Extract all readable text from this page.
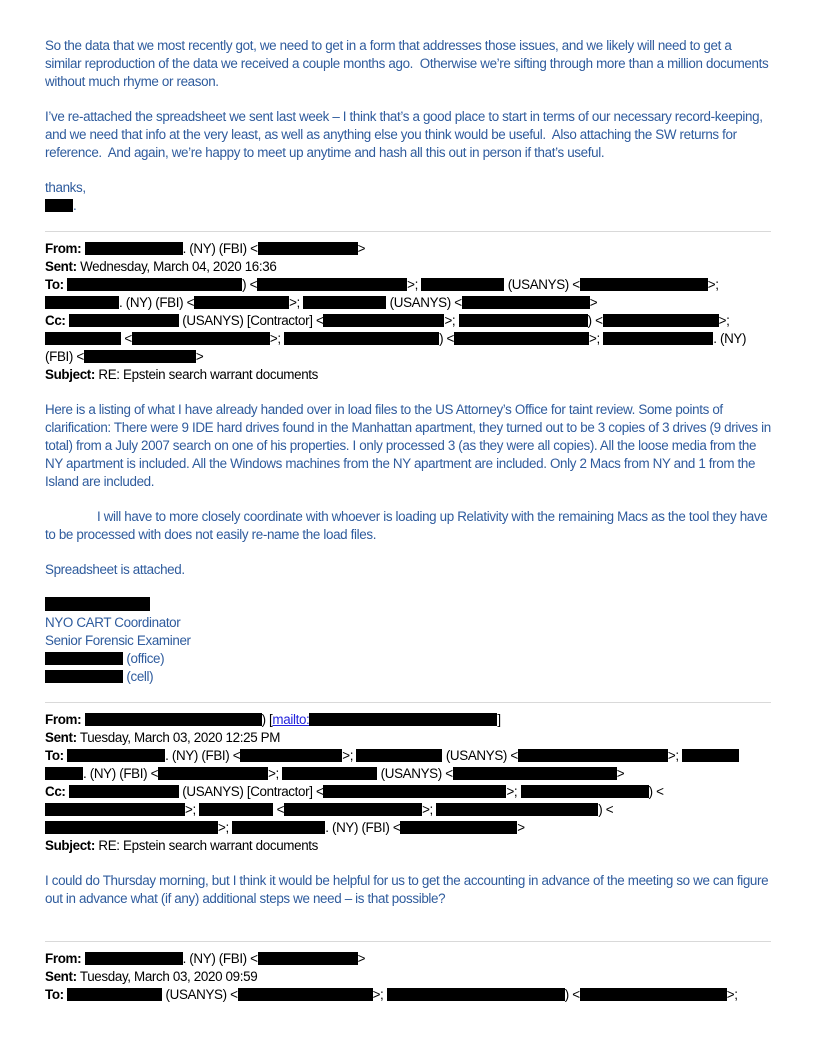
So the data that we most recently got, we need to get in a form that addresses those issues, and we likely will need to get a similar reproduction of the data we received a couple months ago.  Otherwise we’re sifting through more than a million documents without much rhyme or reason.

I’ve re-attached the spreadsheet we sent last week – I think that’s a good place to start in terms of our necessary record-keeping, and we need that info at the very least, as well as anything else you think would be useful.  Also attaching the SW returns for reference.  And again, we’re happy to meet up anytime and hash all this out in person if that’s useful.

thanks,

.

From:	. (NY) (FBI) <	>

Sent: Wednesday, March 04, 2020 16:36

To:	) <	>;	(USANYS) <	>; . (NY) (FBI) <	>;	(USANYS) <	>

Cc:	(USANYS) [Contractor] <	>;	) <	>;  <	>;	) <	>;	. (NY) (FBI) <	>

Subject: RE: Epstein search warrant documents

Here is a listing of what I have already handed over in load files to the US Attorney’s Office for taint review. Some points of clarification: There were 9 IDE hard drives found in the Manhattan apartment, they turned out to be 3 copies of 3 drives (9 drives in total) from a July 2007 search on one of his properties. I only processed 3 (as they were all copies). All the loose media from the NY apartment is included. All the Windows machines from the NY apartment are included. Only 2 Macs from NY and 1 from the Island are included.

I will have to more closely coordinate with whoever is loading up Relativity with the remaining Macs as the tool they have to be processed with does not easily re-name the load files.

Spreadsheet is attached.

NYO CART Coordinator

Senior Forensic Examiner

(office)

(cell)

From:	) [mailto:	]

Sent: Tuesday, March 03, 2020 12:25 PM

To:	. (NY) (FBI) <	>;	(USANYS) <	>; . (NY) (FBI) <	>;	(USANYS) <	>

Cc:	(USANYS) [Contractor] <	>;	) <>;	<	>;	) <>;	. (NY) (FBI) <	>

Subject: RE: Epstein search warrant documents

I could do Thursday morning, but I think it would be helpful for us to get the accounting in advance of the meeting so we can figure out in advance what (if any) additional steps we need – is that possible?

From:	. (NY) (FBI) <	>

Sent: Tuesday, March 03, 2020 09:59

To:	(USANYS) <	>;	) <	>;
